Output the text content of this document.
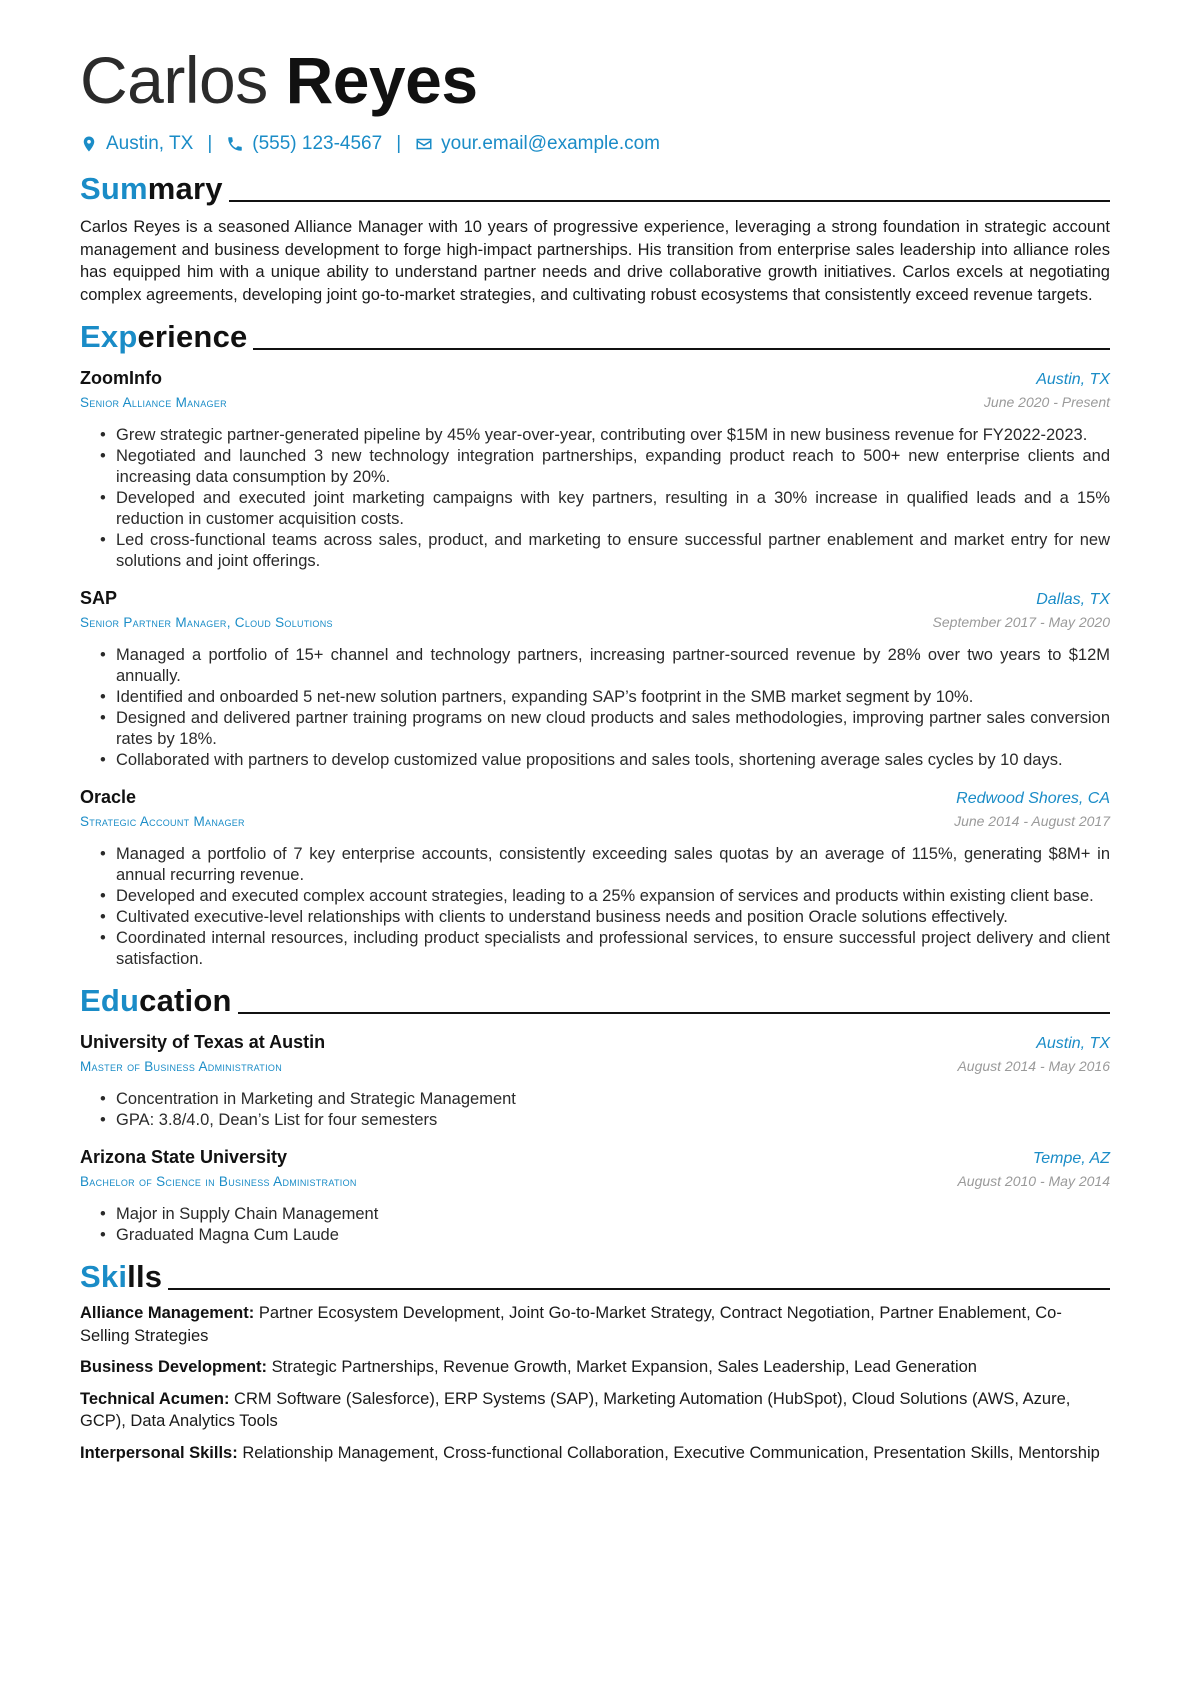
Carlos Reyes
Austin, TX | (555) 123-4567 | your.email@example.com
Summary

Carlos Reyes is a seasoned Alliance Manager with 10 years of progressive experience, leveraging a strong foundation in strategic account management and business development to forge high-impact partnerships. His transition from enterprise sales leadership into alliance roles has equipped him with a unique ability to understand partner needs and drive collaborative growth initiatives. Carlos excels at negotiating complex agreements, developing joint go-to-market strategies, and cultivating robust ecosystems that consistently exceed revenue targets.

Experience
ZoomInfo	Austin, TX
Senior Alliance Manager	June 2020 - Present
• Grew strategic partner-generated pipeline by 45% year-over-year, contributing over $15M in new business revenue for FY2022-2023.
• Negotiated and launched 3 new technology integration partnerships, expanding product reach to 500+ new enterprise clients and increasing data consumption by 20%.
• Developed and executed joint marketing campaigns with key partners, resulting in a 30% increase in qualified leads and a 15% reduction in customer acquisition costs.
• Led cross-functional teams across sales, product, and marketing to ensure successful partner enablement and market entry for new solutions and joint offerings.
SAP	Dallas, TX
Senior Partner Manager, Cloud Solutions	September 2017 - May 2020
• Managed a portfolio of 15+ channel and technology partners, increasing partner-sourced revenue by 28% over two years to $12M annually.
• Identified and onboarded 5 net-new solution partners, expanding SAP’s footprint in the SMB market segment by 10%.
• Designed and delivered partner training programs on new cloud products and sales methodologies, improving partner sales conversion rates by 18%.
• Collaborated with partners to develop customized value propositions and sales tools, shortening average sales cycles by 10 days.
Oracle	Redwood Shores, CA
Strategic Account Manager	June 2014 - August 2017
• Managed a portfolio of 7 key enterprise accounts, consistently exceeding sales quotas by an average of 115%, generating $8M+ in annual recurring revenue.
• Developed and executed complex account strategies, leading to a 25% expansion of services and products within existing client base.
• Cultivated executive-level relationships with clients to understand business needs and position Oracle solutions effectively.
• Coordinated internal resources, including product specialists and professional services, to ensure successful project delivery and client satisfaction.
Education
University of Texas at Austin	Austin, TX
Master of Business Administration	August 2014 - May 2016
• Concentration in Marketing and Strategic Management
• GPA: 3.8/4.0, Dean’s List for four semesters
Arizona State University	Tempe, AZ
Bachelor of Science in Business Administration	August 2010 - May 2014
• Major in Supply Chain Management
• Graduated Magna Cum Laude
Skills
Alliance Management: Partner Ecosystem Development, Joint Go-to-Market Strategy, Contract Negotiation, Partner Enablement, Co-Selling Strategies
Business Development: Strategic Partnerships, Revenue Growth, Market Expansion, Sales Leadership, Lead Generation
Technical Acumen: CRM Software (Salesforce), ERP Systems (SAP), Marketing Automation (HubSpot), Cloud Solutions (AWS, Azure, GCP), Data Analytics Tools
Interpersonal Skills: Relationship Management, Cross-functional Collaboration, Executive Communication, Presentation Skills, Mentorship
